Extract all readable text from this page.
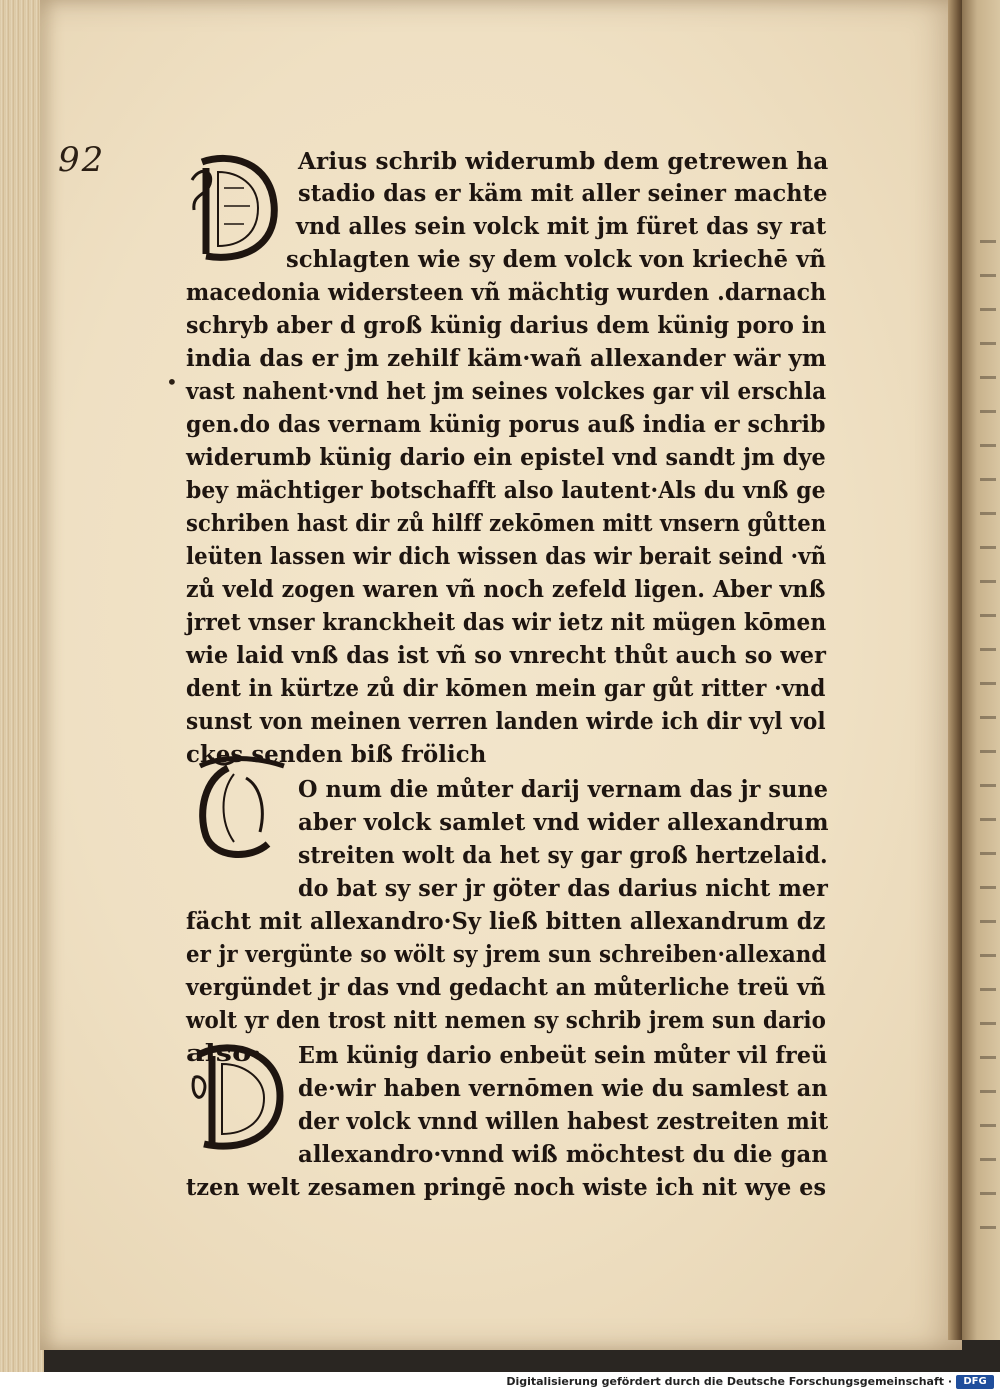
92
•
Arius schrib widerumb dem getrewen ha
stadio das er käm mit aller seiner machte
vnd alles sein volck mit jm füret das sy rat
schlagten wie sy dem volck von kriechē vñ
macedonia widersteen vñ mächtig wurden .darnach
schryb aber d groß künig darius dem künig poro in
india das er jm zehilf käm·wañ allexander wär ym
vast nahent·vnd het jm seines volckes gar vil erschla
gen.do das vernam künig porus auß india er schrib
widerumb künig dario ein epistel vnd sandt jm dye
bey mächtiger botschafft also lautent·Als du vnß ge
schriben hast dir zů hilff zekōmen mitt vnsern gůtten
leüten lassen wir dich wissen das wir berait seind ·vñ
zů veld zogen waren vñ noch zefeld ligen. Aber vnß
jrret vnser kranckheit das wir ietz nit mügen kōmen
wie laid vnß das ist vñ so vnrecht thůt auch so wer
dent in kürtze zů dir kōmen mein gar gůt ritter ·vnd
sunst von meinen verren landen wirde ich dir vyl vol
ckes senden biß frölich
O num die můter darij vernam das jr sune
aber volck samlet vnd wider allexandrum
streiten wolt da het sy gar groß hertzelaid.
do bat sy ser jr göter das darius nicht mer
fächt mit allexandro·Sy ließ bitten allexandrum dz
er jr vergünte so wölt sy jrem sun schreiben·allexand
vergündet jr das vnd gedacht an můterliche treü vñ
wolt yr den trost nitt nemen sy schrib jrem sun dario
also· Em künig dario enbeüt sein můter vil freü
de·wir haben vernōmen wie du samlest an
der volck vnnd willen habest zestreiten mit
allexandro·vnnd wiß möchtest du die gan
tzen welt zesamen pringē noch wiste ich nit wye es
Digitalisierung gefördert durch die Deutsche Forschungsgemeinschaft ·	DFG
